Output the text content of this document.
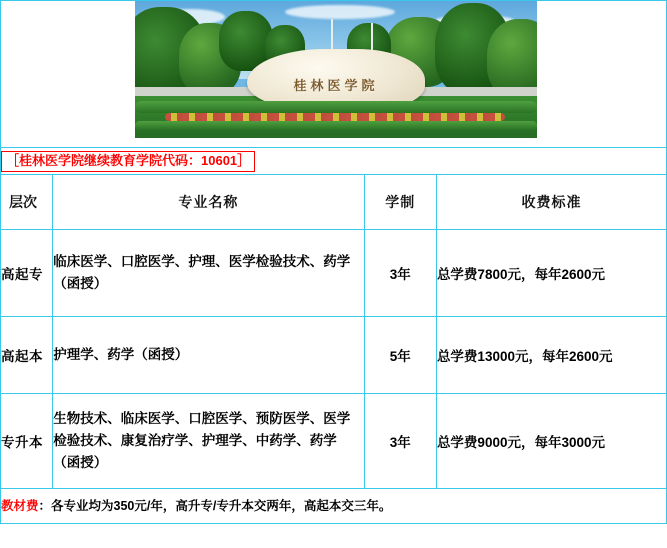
桂林医学院			

［桂林医学院继续教育学院代码：10601］			
层次	专业名称	学制	收费标准
高起专	临床医学、口腔医学、护理、医学检验技术、药学（函授）	3年	总学费7800元，每年2600元
高起本	护理学、药学（函授）	5年	总学费13000元，每年2600元
专升本	生物技术、临床医学、口腔医学、预防医学、医学检验技术、康复治疗学、护理学、中药学、药学（函授）	3年	总学费9000元，每年3000元

教材费：各专业均为350元/年，高升专/专升本交两年，高起本交三年。			
